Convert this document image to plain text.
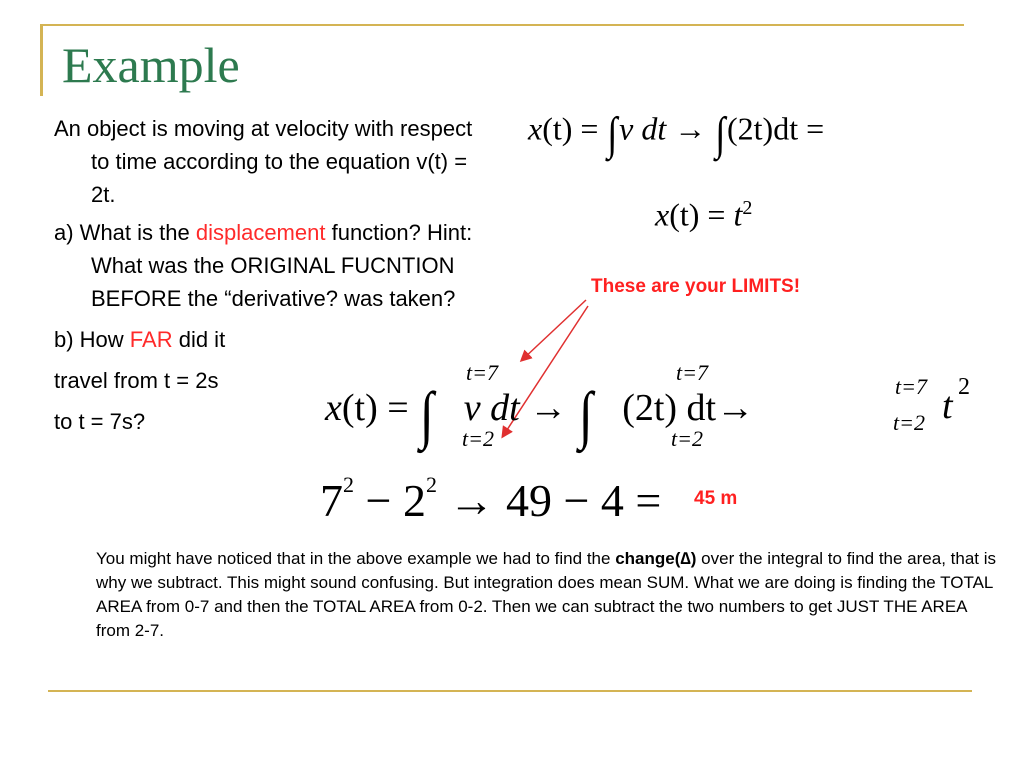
Example

An object is moving at velocity with respect to time according to the equation v(t) = 2t.

a) What is the displacement function? Hint: What was the ORIGINAL FUCNTION BEFORE the “derivative? was taken?

b) How FAR did it

travel from t = 2s

to t = 7s?

x(t) = ∫v dt → ∫(2t)dt =
$x(t) = t^2$
These are your LIMITS!
x(t) = ∫ v dt → ∫ (2t) dt→
t=7
t=2
t=7
t=2
t=7
t=2 t 2
$7^2 - 2^2 \to 49 - 4 = 45$ m
You might have noticed that in the above example we had to find the change(∆) over the integral to find the area, that is why we subtract. This might sound confusing. But integration does mean SUM. What we are doing is finding the TOTAL AREA from 0-7 and then the TOTAL AREA from 0-2. Then we can subtract the two numbers to get JUST THE AREA from 2-7.
